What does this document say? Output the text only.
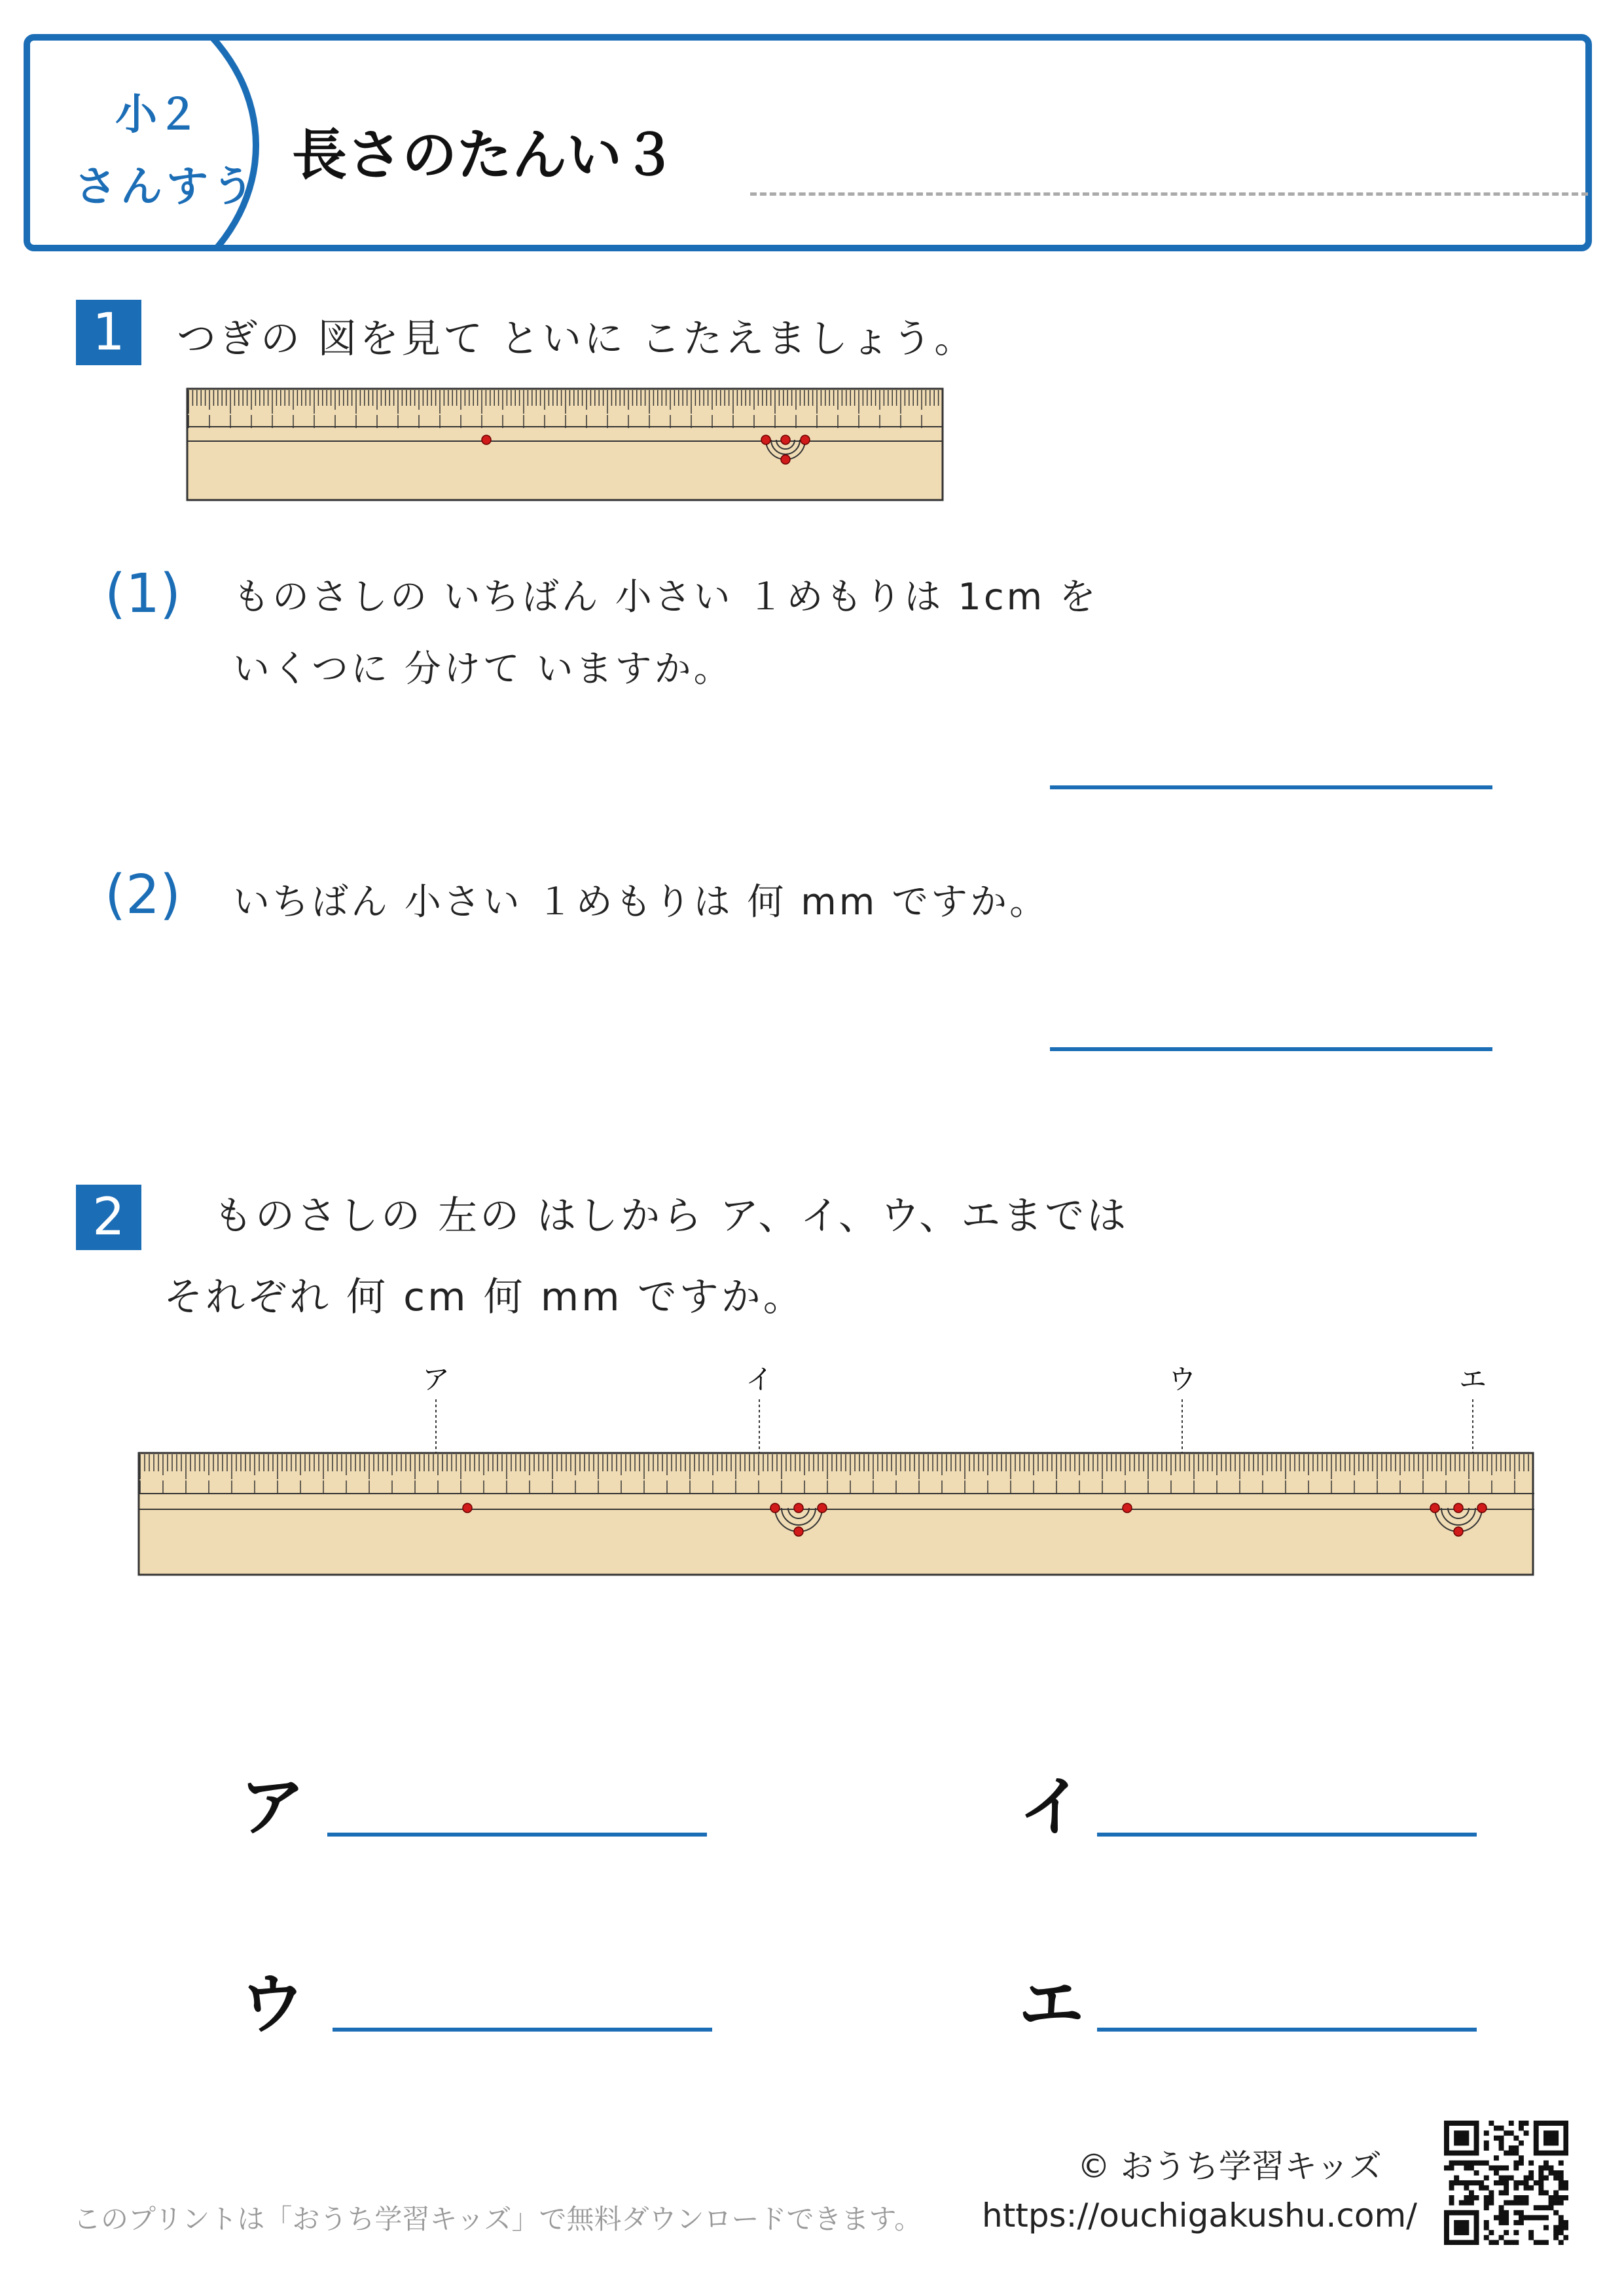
小２
さんすう 長さのたんい３
1	つぎの 図を見て といに こたえましょう。
(1) ものさしの いちばん 小さい １めもりは 1cm を
いくつに 分けて いますか。
(2) いちばん 小さい １めもりは 何 mm ですか。
2	ものさしの 左の はしから ア、イ、ウ、エまでは
それぞれ 何 cm 何 mm ですか。
ア	イ	ウ	エ
ア	イ
ウ	エ
このプリントは「おうち学習キッズ」で無料ダウンロードできます。
© おうち学習キッズ
https://ouchigakushu.com/
